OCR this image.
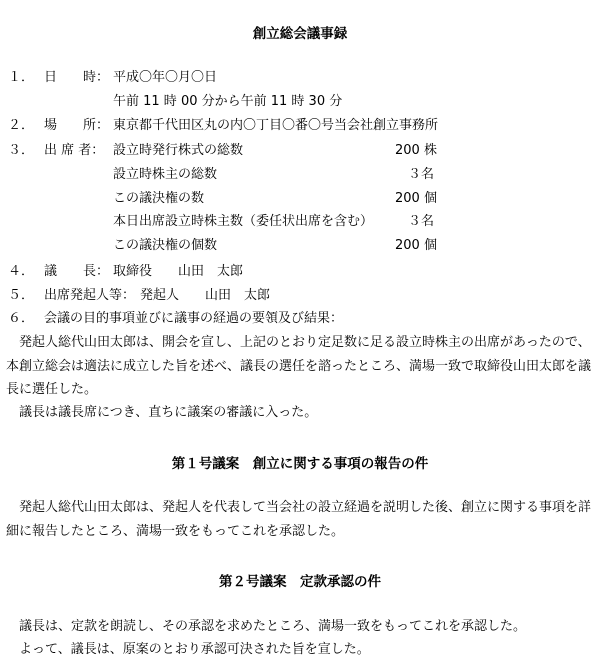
創立総会議事録
１． 日　　時： 平成〇年〇月〇日
午前 11 時 00 分から午前 11 時 30 分
２． 場　　所： 東京都千代田区丸の内〇丁目〇番〇号当会社創立事務所
３． 出 席 者： 設立時発行株式の総数	200 株
設立時株主の総数	３名
この議決権の数	200 個
本日出席設立時株主数（委任状出席を含む）	３名
この議決権の個数	200 個
４． 議　　長： 取締役　　山田　太郎
５． 出席発起人等： 発起人　　山田　太郎
６． 会議の目的事項並びに議事の経過の要領及び結果：
発起人総代山田太郎は、開会を宣し、上記のとおり定足数に足る設立時株主の出席があったので、本創立総会は適法に成立した旨を述べ、議長の選任を諮ったところ、満場一致で取締役山田太郎を議長に選任した。
議長は議長席につき、直ちに議案の審議に入った。
第１号議案　創立に関する事項の報告の件
発起人総代山田太郎は、発起人を代表して当会社の設立経過を説明した後、創立に関する事項を詳細に報告したところ、満場一致をもってこれを承認した。
第２号議案　定款承認の件
議長は、定款を朗読し、その承認を求めたところ、満場一致をもってこれを承認した。
よって、議長は、原案のとおり承認可決された旨を宣した。
